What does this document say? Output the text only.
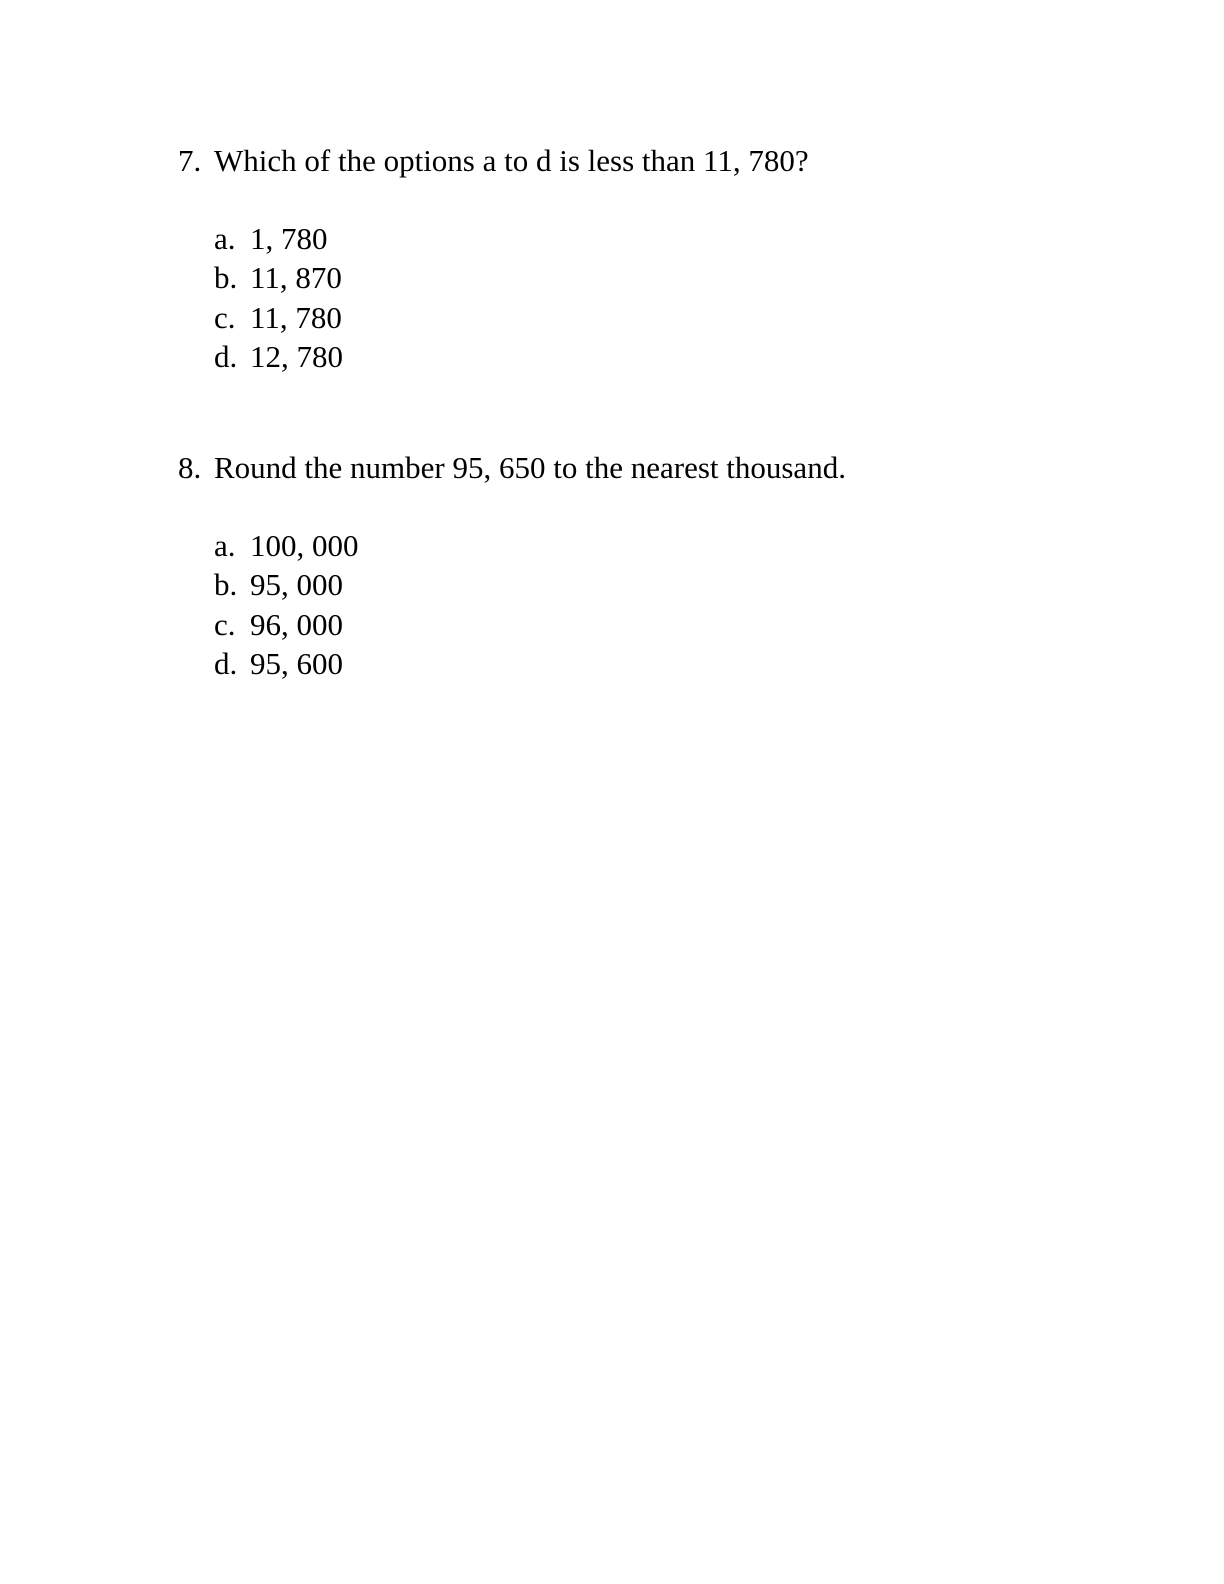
7. Which of the options a to d is less than 11, 780?
a. 1, 780
b. 11, 870
c. 11, 780
d. 12, 780
8. Round the number 95, 650 to the nearest thousand.
a. 100, 000
b. 95, 000
c. 96, 000
d. 95, 600
